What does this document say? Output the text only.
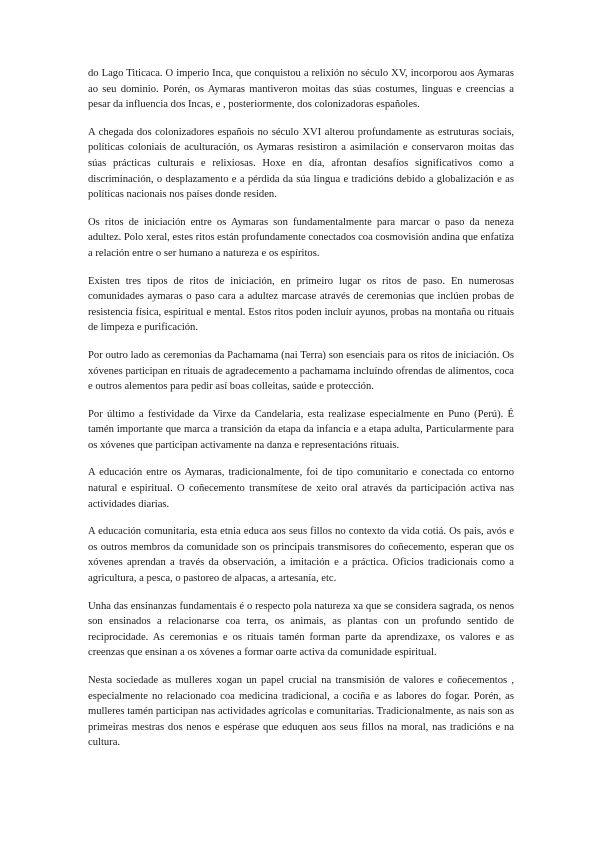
do Lago Titicaca. O imperio Inca, que conquistou a relixión no século XV, incorporou aos Aymaras ao seu dominio. Porén, os Aymaras mantiveron moitas das súas costumes, linguas e creencias a pesar da influencia dos Incas, e , posteriormente, dos colonizadoras españoles.

A chegada dos colonizadores españois no século XVI alterou profundamente as estruturas sociais, políticas coloniais de aculturación, os Aymaras resistiron a asimilación e conservaron moitas das súas prácticas culturais e relixiosas. Hoxe en día, afrontan desafíos significativos como a discriminación, o desplazamento e a pérdida da súa lingua e tradicións debido a globalización e as políticas nacionais nos países donde residen.

Os ritos de iniciación entre os Aymaras son fundamentalmente para marcar o paso da neneza adultez. Polo xeral, estes ritos están profundamente conectados coa cosmovisión andina que enfatiza a relación entre o ser humano a natureza e os espíritos.

Existen tres tipos de ritos de iniciación, en primeiro lugar os ritos de paso. En numerosas comunidades aymaras o paso cara a adultez marcase através de ceremonias que inclúen probas de resistencia física, espiritual e mental. Estos ritos poden incluír ayunos, probas na montaña ou rituais de limpeza e purificación.

Por outro lado as ceremonias da Pachamama (nai Terra) son esenciais para os ritos de iniciación. Os xóvenes participan en rituais de agradecemento a pachamama incluíndo ofrendas de alimentos, coca e outros alementos para pedir así boas colleitas, saúde e protección.

Por último a festividade da Virxe da Candelaria, esta realizase especialmente en Puno (Perú). É tamén importante que marca a transición da etapa da infancia e a etapa adulta, Particularmente para os xóvenes que participan activamente na danza e representacións rituais.

A educación entre os Aymaras, tradicionalmente, foi de tipo comunitario e conectada co entorno natural e espiritual. O coñecemento transmítese de xeito oral através da participación activa nas actividades diarias.

A educación comunitaria, esta etnia educa aos seus fillos no contexto da vida cotiá. Os pais, avós e os outros membros da comunidade son os principais transmisores do coñecemento, esperan que os xóvenes aprendan a través da observación, a imitación e a práctica. Oficios tradicionais como a agricultura, a pesca, o pastoreo de alpacas, a artesanía, etc.

Unha das ensinanzas fundamentais é o respecto pola natureza xa que se considera sagrada, os nenos son ensinados a relacionarse coa terra, os animais, as plantas con un profundo sentido de reciprocidade. As ceremonias e os rituais tamén forman parte da aprendizaxe, os valores e as creenzas que ensinan a os xóvenes a formar oarte activa da comunidade espiritual.

Nesta sociedade as mulleres xogan un papel crucial na transmisión de valores e coñecementos , especialmente no relacionado coa medicina tradicional, a cociña e as labores do fogar. Porén, as mulleres tamén participan nas actividades agrícolas e comunitarias. Tradicionalmente, as nais son as primeiras mestras dos nenos e espérase que eduquen aos seus fillos na moral, nas tradicións e na cultura.
